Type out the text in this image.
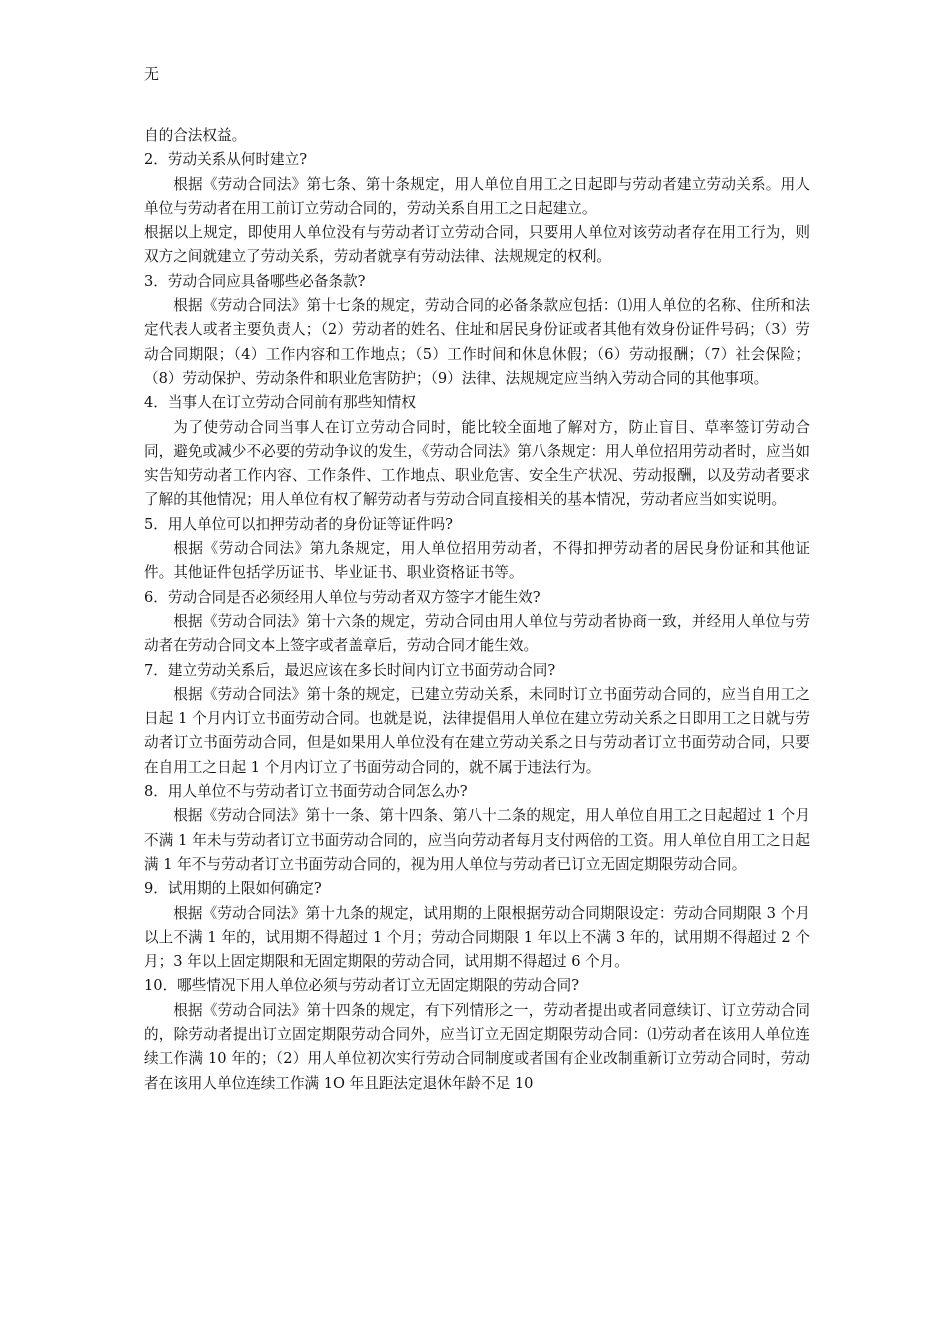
无

自的合法权益。

2．劳动关系从何时建立?

根据《劳动合同法》第七条、第十条规定，用人单位自用工之日起即与劳动者建立劳动关系。用人单位与劳动者在用工前订立劳动合同的，劳动关系自用工之日起建立。

根据以上规定，即使用人单位没有与劳动者订立劳动合同，只要用人单位对该劳动者存在用工行为，则双方之间就建立了劳动关系，劳动者就享有劳动法律、法规规定的权利。

3．劳动合同应具备哪些必备条款?

根据《劳动合同法》第十七条的规定，劳动合同的必备条款应包括：⑴用人单位的名称、住所和法定代表人或者主要负责人；（2）劳动者的姓名、住址和居民身份证或者其他有效身份证件号码；（3）劳动合同期限；（4）工作内容和工作地点；（5）工作时间和休息休假；（6）劳动报酬；（7）社会保险；（8）劳动保护、劳动条件和职业危害防护；（9）法律、法规规定应当纳入劳动合同的其他事项。

4．当事人在订立劳动合同前有那些知情权

为了使劳动合同当事人在订立劳动合同时，能比较全面地了解对方，防止盲目、草率签订劳动合同，避免或减少不必要的劳动争议的发生，《劳动合同法》第八条规定：用人单位招用劳动者时，应当如实告知劳动者工作内容、工作条件、工作地点、职业危害、安全生产状况、劳动报酬，以及劳动者要求了解的其他情况；用人单位有权了解劳动者与劳动合同直接相关的基本情况，劳动者应当如实说明。

5．用人单位可以扣押劳动者的身份证等证件吗?

根据《劳动合同法》第九条规定，用人单位招用劳动者，不得扣押劳动者的居民身份证和其他证件。其他证件包括学历证书、毕业证书、职业资格证书等。

6．劳动合同是否必须经用人单位与劳动者双方签字才能生效?

根据《劳动合同法》第十六条的规定，劳动合同由用人单位与劳动者协商一致，并经用人单位与劳动者在劳动合同文本上签字或者盖章后，劳动合同才能生效。

7．建立劳动关系后，最迟应该在多长时间内订立书面劳动合同?

根据《劳动合同法》第十条的规定，已建立劳动关系，未同时订立书面劳动合同的，应当自用工之日起 1 个月内订立书面劳动合同。也就是说，法律提倡用人单位在建立劳动关系之日即用工之日就与劳动者订立书面劳动合同，但是如果用人单位没有在建立劳动关系之日与劳动者订立书面劳动合同，只要在自用工之日起 1 个月内订立了书面劳动合同的，就不属于违法行为。

8．用人单位不与劳动者订立书面劳动合同怎么办?

根据《劳动合同法》第十一条、第十四条、第八十二条的规定，用人单位自用工之日起超过 1 个月不满 1 年未与劳动者订立书面劳动合同的，应当向劳动者每月支付两倍的工资。用人单位自用工之日起满 1 年不与劳动者订立书面劳动合同的，视为用人单位与劳动者已订立无固定期限劳动合同。

9．试用期的上限如何确定?

根据《劳动合同法》第十九条的规定，试用期的上限根据劳动合同期限设定：劳动合同期限 3 个月以上不满 1 年的，试用期不得超过 1 个月；劳动合同期限 1 年以上不满 3 年的，试用期不得超过 2 个月；3 年以上固定期限和无固定期限的劳动合同，试用期不得超过 6 个月。

10．哪些情况下用人单位必须与劳动者订立无固定期限的劳动合同?

根据《劳动合同法》第十四条的规定，有下列情形之一，劳动者提出或者同意续订、订立劳动合同的，除劳动者提出订立固定期限劳动合同外，应当订立无固定期限劳动合同：⑴劳动者在该用人单位连续工作满 10 年的；（2）用人单位初次实行劳动合同制度或者国有企业改制重新订立劳动合同时，劳动者在该用人单位连续工作满 1O 年且距法定退休年龄不足 10
